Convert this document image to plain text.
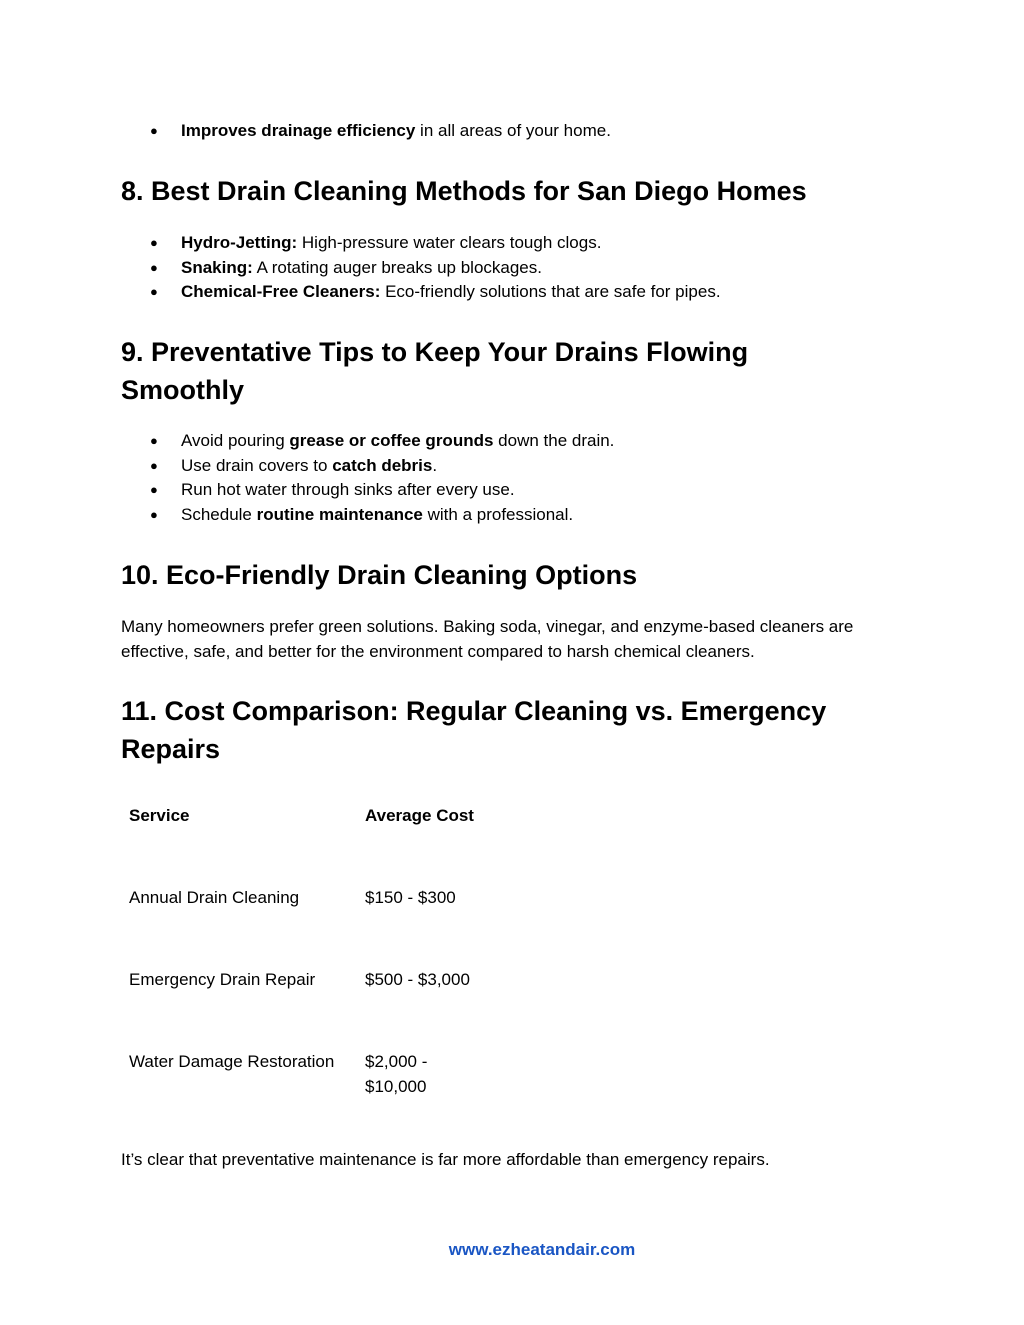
● Improves drainage efficiency in all areas of your home.
8. Best Drain Cleaning Methods for San Diego Homes
● Hydro-Jetting: High-pressure water clears tough clogs.
● Snaking: A rotating auger breaks up blockages.
● Chemical-Free Cleaners: Eco-friendly solutions that are safe for pipes.
9. Preventative Tips to Keep Your Drains Flowing Smoothly
● Avoid pouring grease or coffee grounds down the drain.
● Use drain covers to catch debris.
● Run hot water through sinks after every use.
● Schedule routine maintenance with a professional.
10. Eco-Friendly Drain Cleaning Options

Many homeowners prefer green solutions. Baking soda, vinegar, and enzyme-based cleaners are effective, safe, and better for the environment compared to harsh chemical cleaners.

11. Cost Comparison: Regular Cleaning vs. Emergency Repairs
Service	Average Cost
Annual Drain Cleaning	$150 - $300
Emergency Drain Repair	$500 - $3,000
Water Damage Restoration	$2,000 - $10,000

It’s clear that preventative maintenance is far more affordable than emergency repairs.

www.ezheatandair.com
